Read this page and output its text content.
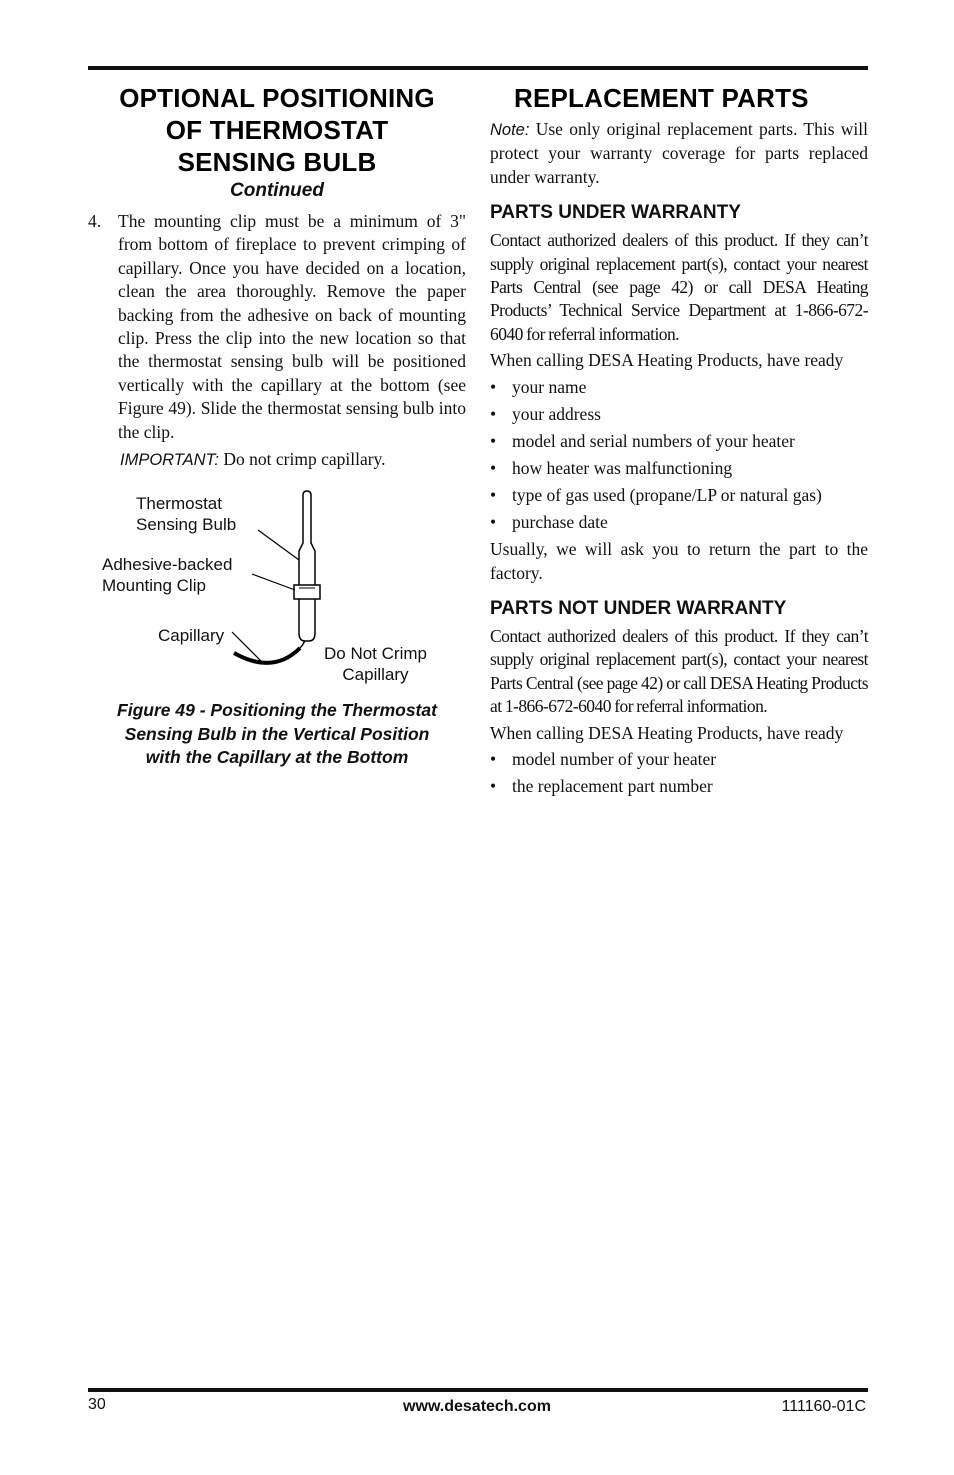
OPTIONAL POSITIONING
OF THERMOSTAT
SENSING BULB
Continued
4. The mounting clip must be a minimum of 3" from bottom of fireplace to prevent crimping of capillary. Once you have decided on a location, clean the area thoroughly. Remove the paper backing from the adhesive on back of mounting clip. Press the clip into the new location so that the thermostat sensing bulb will be positioned vertically with the capillary at the bottom (see Figure 49). Slide the thermostat sensing bulb into the clip.
IMPORTANT: Do not crimp capillary.
Thermostat
Sensing Bulb
Adhesive-backed
Mounting Clip
Capillary
Do Not Crimp
Capillary
Figure 49 - Positioning the Thermostat
Sensing Bulb in the Vertical Position
with the Capillary at the Bottom
REPLACEMENT PARTS

Note: Use only original replacement parts. This will protect your warranty coverage for parts replaced under warranty.

PARTS UNDER WARRANTY

Contact authorized dealers of this product. If they can’t supply original replacement part(s), contact your nearest Parts Central (see page 42) or call DESA Heating Products’ Technical Service Department at 1-866-672-6040 for referral information.

When calling DESA Heating Products, have ready

• your name
• your address
• model and serial numbers of your heater
• how heater was malfunctioning
• type of gas used (propane/LP or natural gas)
• purchase date

Usually, we will ask you to return the part to the factory.

PARTS NOT UNDER WARRANTY

Contact authorized dealers of this product. If they can’t supply original replacement part(s), contact your nearest Parts Central (see page 42) or call DESA Heating Products at 1-866-672-6040 for referral information.

When calling DESA Heating Products, have ready

• model number of your heater
• the replacement part number
30	www.desatech.com	111160-01C
